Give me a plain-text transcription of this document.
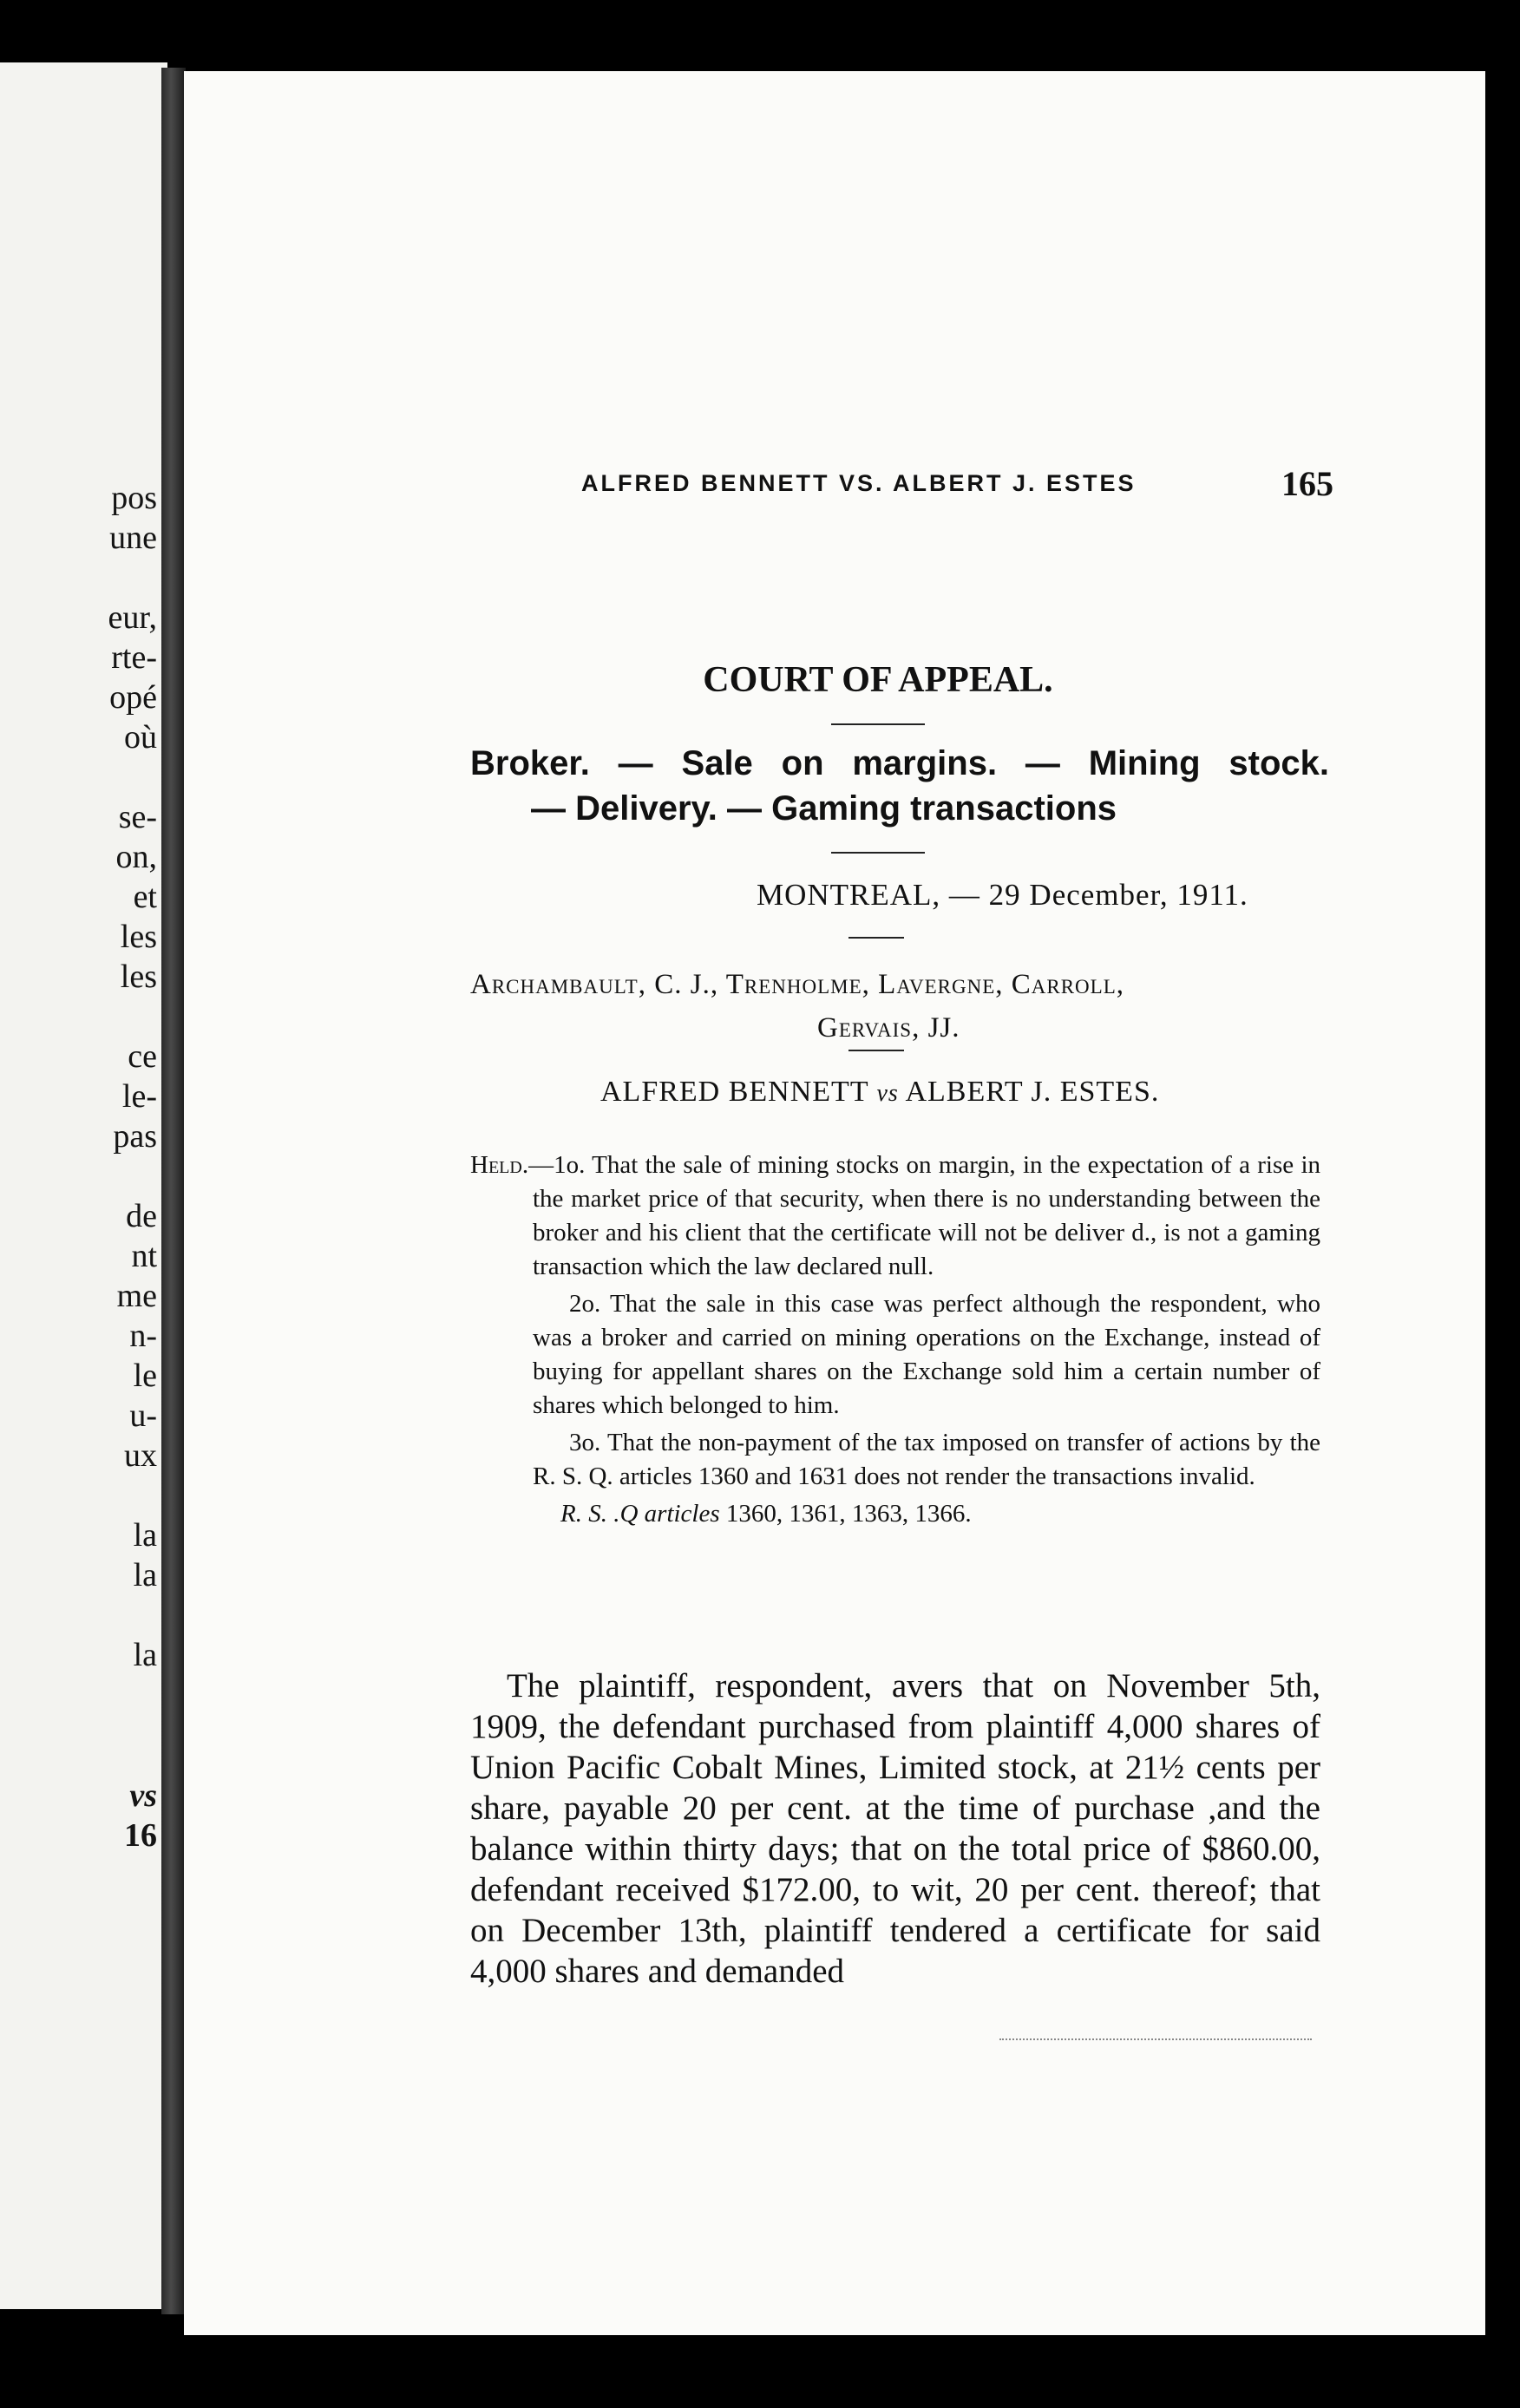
pos
une
eur,
rte-
opé
où
se-
on,
et
les
les
ce
le-
pas
de
nt
me
n-
le
u-
ux
la
la
la
vs
16
ALFRED BENNETT VS. ALBERT J. ESTES	165
COURT OF APPEAL.
Broker. — Sale on margins. — Mining stock.
— Delivery. — Gaming transactions
MONTREAL, — 29 December, 1911.
Archambault, C. J., Trenholme, Lavergne, Carroll,
Gervais, JJ.
ALFRED BENNETT vs ALBERT J. ESTES.

Held.—1o. That the sale of mining stocks on margin, in the expectation of a rise in the market price of that security, when there is no understanding between the broker and his client that the certificate will not be deliver d., is not a gaming transaction which the law declared null.

2o. That the sale in this case was perfect although the respondent, who was a broker and carried on mining operations on the Exchange, instead of buying for appellant shares on the Exchange sold him a certain number of shares which belonged to him.

3o. That the non-payment of the tax imposed on transfer of actions by the R. S. Q. articles 1360 and 1631 does not render the transactions invalid.

R. S. .Q articles 1360, 1361, 1363, 1366.

The plaintiff, respondent, avers that on November 5th, 1909, the defendant purchased from plaintiff 4,000 shares of Union Pacific Cobalt Mines, Limited stock, at 21½ cents per share, payable 20 per cent. at the time of purchase ,and the balance within thirty days; that on the total price of $860.00, defendant received $172.00, to wit, 20 per cent. thereof; that on December 13th, plaintiff tendered a certificate for said 4,000 shares and demanded
